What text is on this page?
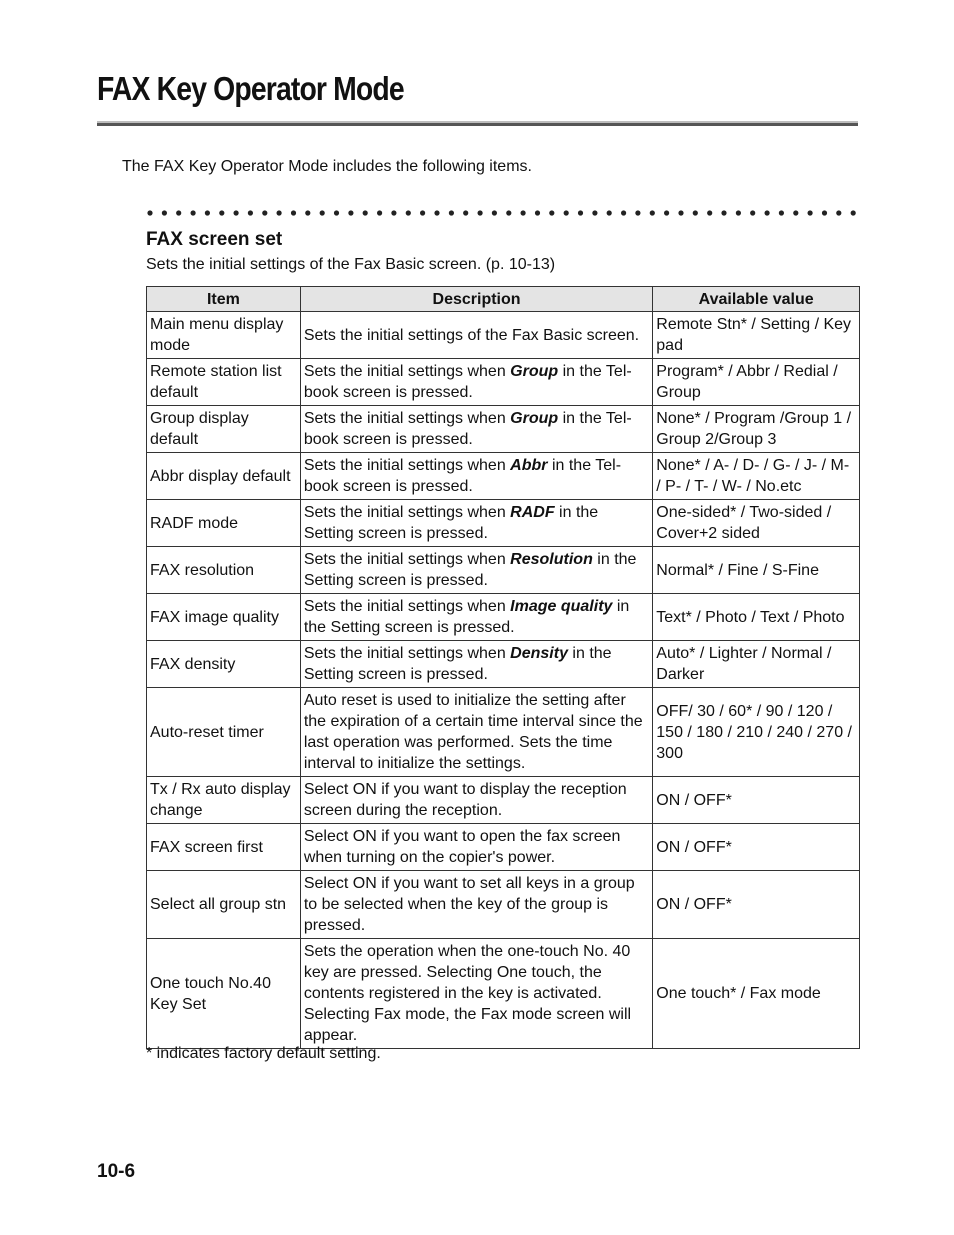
FAX Key Operator Mode

The FAX Key Operator Mode includes the following items.

FAX screen set

Sets the initial settings of the Fax Basic screen. (p. 10-13)

Item	Description	Available value
Main menu display mode	Sets the initial settings of the Fax Basic screen.	Remote Stn* / Setting / Key pad
Remote station list default	Sets the initial settings when Group in the Tel-book screen is pressed.	Program* / Abbr / Redial / Group
Group display default	Sets the initial settings when Group in the Tel-book screen is pressed.	None* / Program /Group 1 / Group 2/Group 3
Abbr display default	Sets the initial settings when Abbr in the Tel-book screen is pressed.	None* / A- / D- / G- / J- / M- / P- / T- / W- / No.etc
RADF mode	Sets the initial settings when RADF in the Setting screen is pressed.	One-sided* / Two-sided / Cover+2 sided
FAX resolution	Sets the initial settings when Resolution in the Setting screen is pressed.	Normal* / Fine / S-Fine
FAX image quality	Sets the initial settings when Image quality in the Setting screen is pressed.	Text* / Photo / Text / Photo
FAX density	Sets the initial settings when Density in the Setting screen is pressed.	Auto* / Lighter / Normal / Darker
Auto-reset timer	Auto reset is used to initialize the setting after the expiration of a certain time interval since the last operation was performed. Sets the time interval to initialize the settings.	OFF/ 30 / 60* / 90 / 120 / 150 / 180 / 210 / 240 / 270 / 300
Tx / Rx auto display change	Select ON if you want to display the reception screen during the reception.	ON / OFF*
FAX screen first	Select ON if you want to open the fax screen when turning on the copier's power.	ON / OFF*
Select all group stn	Select ON if you want to set all keys in a group to be selected when the key of the group is pressed.	ON / OFF*
One touch No.40 Key Set	Sets the operation when the one-touch No. 40 key are pressed. Selecting One touch, the contents registered in the key is activated. Selecting Fax mode, the Fax mode screen will appear.	One touch* / Fax mode

* indicates factory default setting.

10-6
